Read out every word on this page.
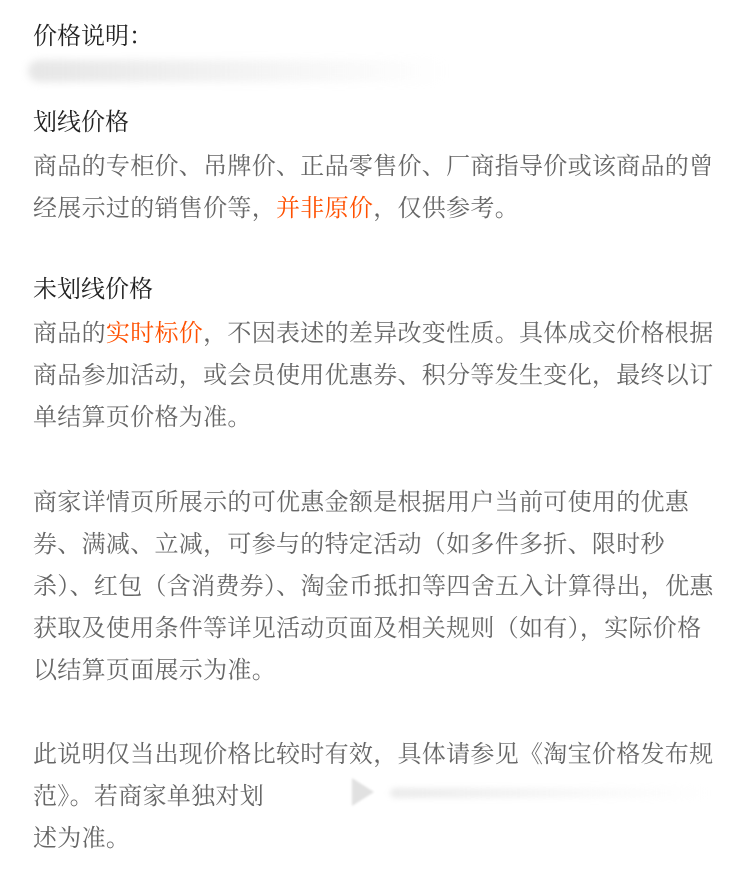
价格说明：
划线价格

商品的专柜价、吊牌价、正品零售价、厂商指导价或该商品的曾经展示过的销售价等，并非原价，仅供参考。

未划线价格

商品的实时标价，不因表述的差异改变性质。具体成交价格根据商品参加活动，或会员使用优惠券、积分等发生变化，最终以订单结算页价格为准。

商家详情页所展示的可优惠金额是根据用户当前可使用的优惠券、满减、立减，可参与的特定活动（如多件多折、限时秒杀）、红包（含消费券）、淘金币抵扣等四舍五入计算得出，优惠获取及使用条件等详见活动页面及相关规则（如有），实际价格以结算页面展示为准。

此说明仅当出现价格比较时有效，具体请参见《淘宝价格发布规范》。若商家单独对划
述为准。
